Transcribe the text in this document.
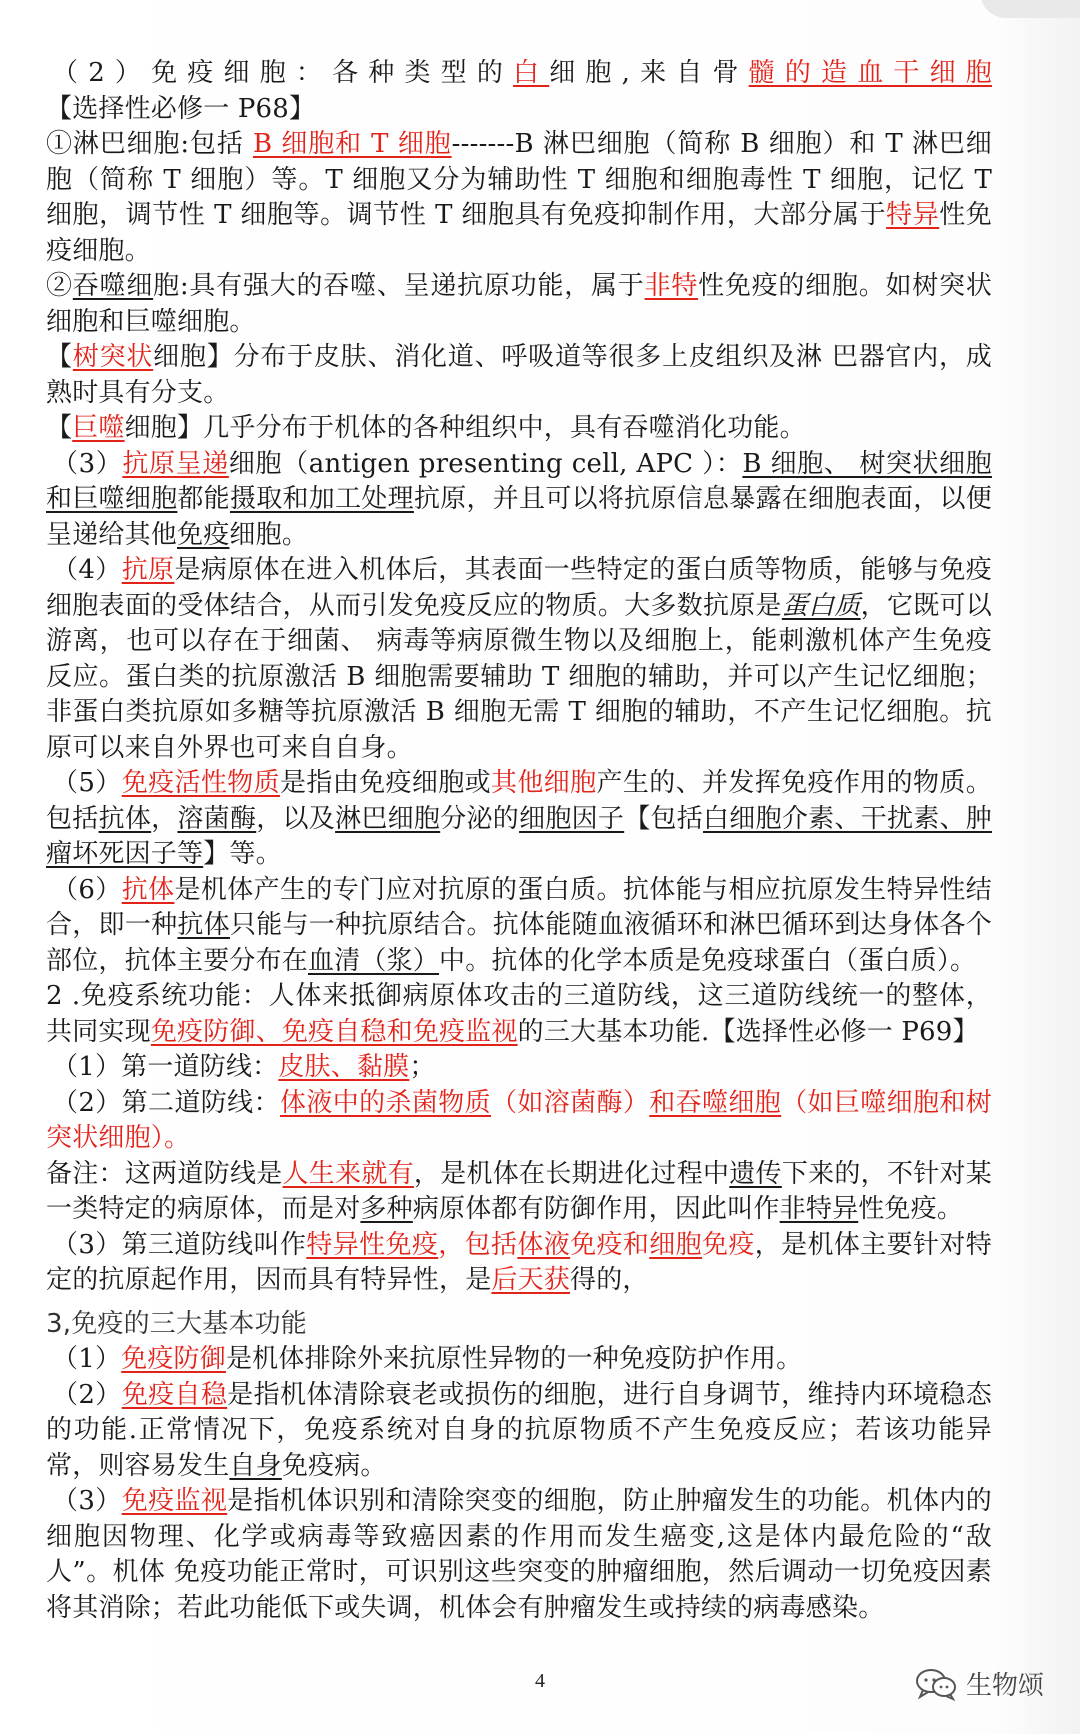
（2）免疫细胞：各种类型的白细胞,来自骨髓的造血干细胞【选择性必修一 P68】

①淋巴细胞:包括 B 细胞和 T 细胞-------B 淋巴细胞（简称 B 细胞）和 T 淋巴细胞（简称 T 细胞）等。T 细胞又分为辅助性 T 细胞和细胞毒性 T 细胞，记忆 T 细胞，调节性 T 细胞等。调节性 T 细胞具有免疫抑制作用，大部分属于特异性免疫细胞。

②吞噬细胞:具有强大的吞噬、呈递抗原功能，属于非特性免疫的细胞。如树突状细胞和巨噬细胞。

【树突状细胞】分布于皮肤、消化道、呼吸道等很多上皮组织及淋 巴器官内，成熟时具有分支。

【巨噬细胞】几乎分布于机体的各种组织中，具有吞噬消化功能。

（3）抗原呈递细胞（antigen presenting cell, APC ）：B 细胞、 树突状细胞和巨噬细胞都能摄取和加工处理抗原，并且可以将抗原信息暴露在细胞表面，以便呈递给其他免疫细胞。

（4）抗原是病原体在进入机体后，其表面一些特定的蛋白质等物质，能够与免疫细胞表面的受体结合，从而引发免疫反应的物质。大多数抗原是蛋白质，它既可以游离，也可以存在于细菌、 病毒等病原微生物以及细胞上，能刺激机体产生免疫反应。蛋白类的抗原激活 B 细胞需要辅助 T 细胞的辅助，并可以产生记忆细胞；非蛋白类抗原如多糖等抗原激活 B 细胞无需 T 细胞的辅助，不产生记忆细胞。抗原可以来自外界也可来自自身。

（5）免疫活性物质是指由免疫细胞或其他细胞产生的、并发挥免疫作用的物质。包括抗体，溶菌酶，以及淋巴细胞分泌的细胞因子【包括白细胞介素、干扰素、肿瘤坏死因子等】等。

（6）抗体是机体产生的专门应对抗原的蛋白质。抗体能与相应抗原发生特异性结合，即一种抗体只能与一种抗原结合。抗体能随血液循环和淋巴循环到达身体各个部位，抗体主要分布在血清（浆）中。抗体的化学本质是免疫球蛋白（蛋白质）。

2 .免疫系统功能：人体来抵御病原体攻击的三道防线，这三道防线统一的整体，共同实现免疫防御、免疫自稳和免疫监视的三大基本功能.【选择性必修一 P69】

（1）第一道防线：皮肤、黏膜；

（2）第二道防线：体液中的杀菌物质（如溶菌酶）和吞噬细胞（如巨噬细胞和树突状细胞）。

备注：这两道防线是人生来就有，是机体在长期进化过程中遗传下来的，不针对某一类特定的病原体，而是对多种病原体都有防御作用，因此叫作非特异性免疫。

（3）第三道防线叫作特异性免疫，包括体液免疫和细胞免疫，是机体主要针对特定的抗原起作用，因而具有特异性，是后天获得的，

3,免疫的三大基本功能

（1）免疫防御是机体排除外来抗原性异物的一种免疫防护作用。

（2）免疫自稳是指机体清除衰老或损伤的细胞，进行自身调节，维持内环境稳态的功能.正常情况下，免疫系统对自身的抗原物质不产生免疫反应；若该功能异常，则容易发生自身免疫病。

（3）免疫监视是指机体识别和清除突变的细胞，防止肿瘤发生的功能。机体内的细胞因物理、化学或病毒等致癌因素的作用而发生癌变,这是体内最危险的“敌人”。机体 免疫功能正常时，可识别这些突变的肿瘤细胞，然后调动一切免疫因素将其消除；若此功能低下或失调，机体会有肿瘤发生或持续的病毒感染。

4	生物颂
